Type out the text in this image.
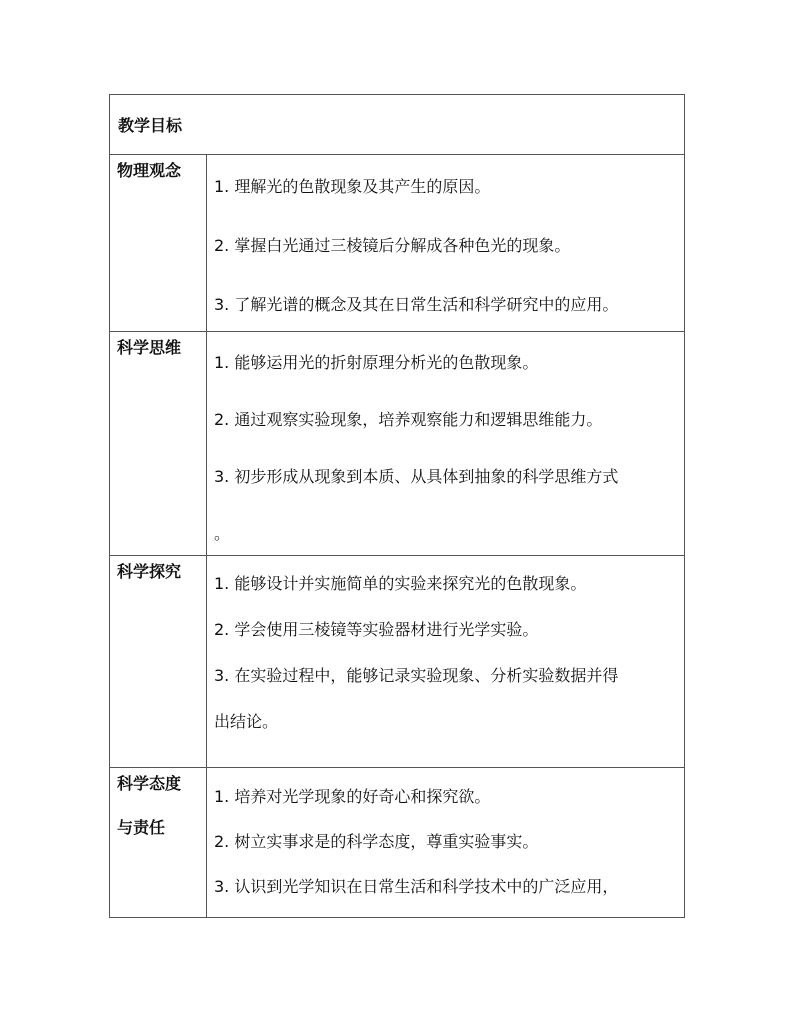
教学目标
物理观念
1. 理解光的色散现象及其产生的原因。
2. 掌握白光通过三棱镜后分解成各种色光的现象。
3. 了解光谱的概念及其在日常生活和科学研究中的应用。
科学思维
1. 能够运用光的折射原理分析光的色散现象。
2. 通过观察实验现象，培养观察能力和逻辑思维能力。
3. 初步形成从现象到本质、从具体到抽象的科学思维方式
。
科学探究
1. 能够设计并实施简单的实验来探究光的色散现象。
2. 学会使用三棱镜等实验器材进行光学实验。
3. 在实验过程中，能够记录实验现象、分析实验数据并得
出结论。
科学态度
与责任
1. 培养对光学现象的好奇心和探究欲。
2. 树立实事求是的科学态度，尊重实验事实。
3. 认识到光学知识在日常生活和科学技术中的广泛应用，
